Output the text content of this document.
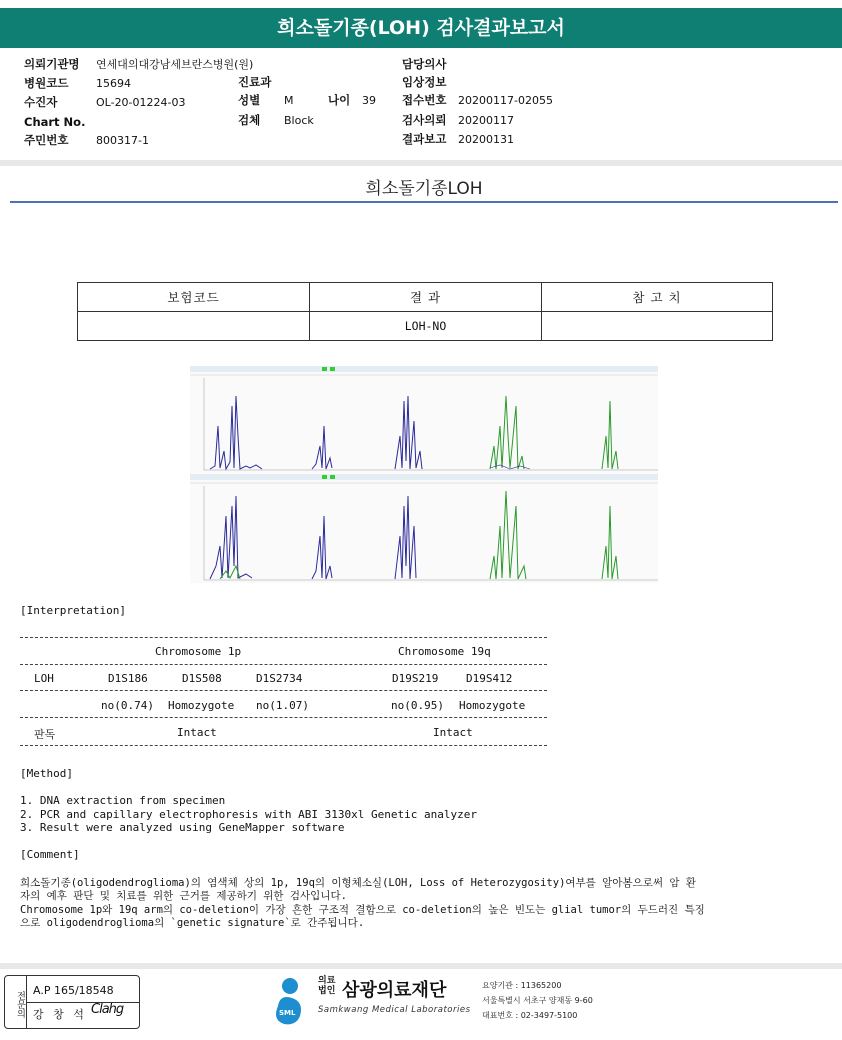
희소돌기종(LOH) 검사결과보고서
의뢰기관명 연세대의대강남세브란스병원(원)
병원코드	15694
수진자	OL-20-01224-03
Chart No.
주민번호	800317-1
진료과
성별 M	나이 39
검체 Block
담당의사
임상정보
접수번호 20200117-02055
검사의뢰 20200117
결과보고 20200131
희소돌기종LOH
보험코드	결 과	참 고 치
	LOH-NO	
[Interpretation]
Chromosome 1p	Chromosome 19q
LOH	D1S186	D1S508	D1S2734	D19S219	D19S412
no(0.74) Homozygote no(1.07)	no(0.95) Homozygote
판독	Intact	Intact
[Method]
1. DNA extraction from specimen
2. PCR and capillary electrophoresis with ABI 3130xl Genetic analyzer
3. Result were analyzed using GeneMapper software
[Comment]
희소돌기종(oligodendroglioma)의 염색체 상의 1p, 19q의 이형체소실(LOH, Loss of Heterozygosity)여부를 알아봄으로써 암 환
자의 예후 판단 및 치료를 위한 근거를 제공하기 위한 검사입니다.
Chromosome 1p와 19q arm의 co-deletion이 가장 흔한 구조적 결함으로 co-deletion의 높은 빈도는 glial tumor의 두드러진 특징
으로 oligodendroglioma의 `genetic signature`로 간주됩니다.
전문의 A.P 165/18548
강 창 석 Clahg	SML
의료법인 삼광의료재단
Samkwang Medical Laboratories
요양기관 : 11365200
서울특별시 서초구 양재동 9-60
대표번호 : 02-3497-5100
